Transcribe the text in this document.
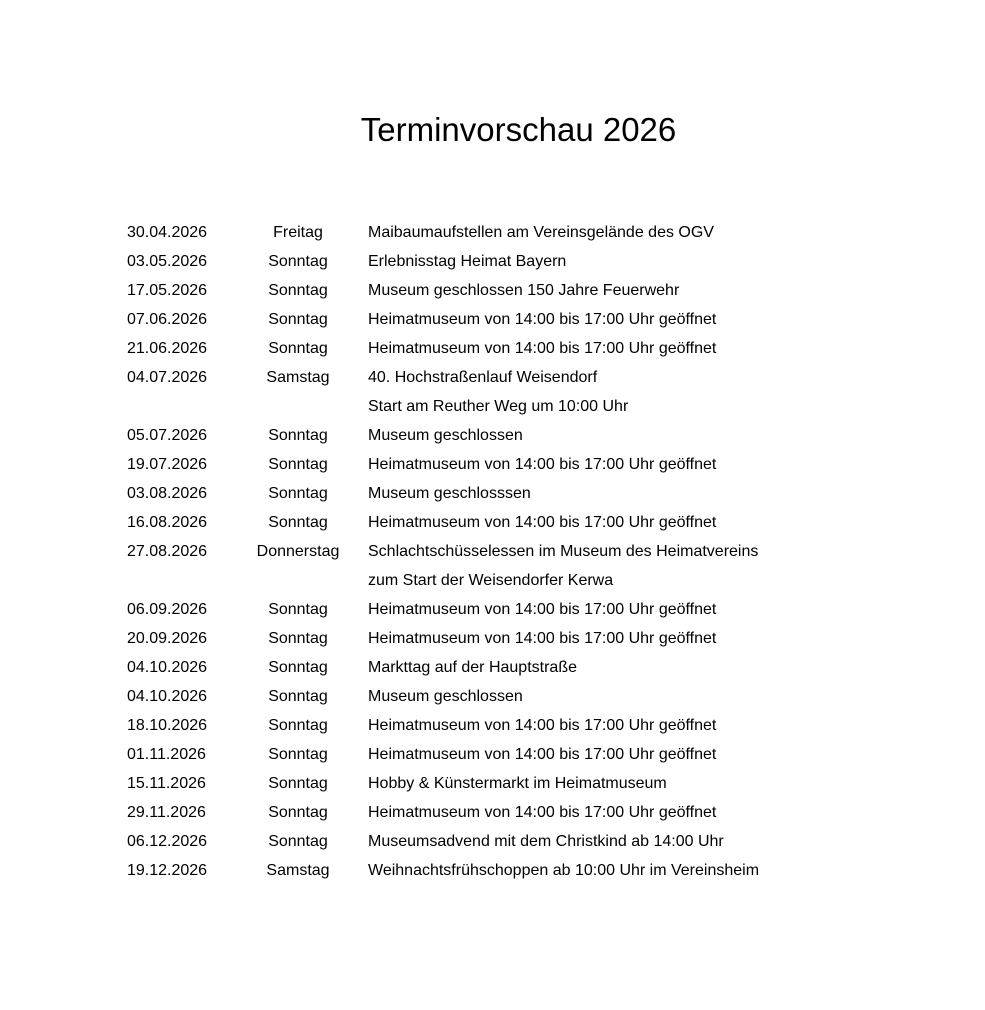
Terminvorschau 2026
30.04.2026	Freitag	Maibaumaufstellen am Vereinsgelände des OGV
03.05.2026	Sonntag	Erlebnisstag Heimat Bayern
17.05.2026	Sonntag	Museum geschlossen 150 Jahre Feuerwehr
07.06.2026	Sonntag	Heimatmuseum von 14:00 bis 17:00 Uhr geöffnet
21.06.2026	Sonntag	Heimatmuseum von 14:00 bis 17:00 Uhr geöffnet
04.07.2026	Samstag	40. Hochstraßenlauf Weisendorf
Start am Reuther Weg um 10:00 Uhr
05.07.2026	Sonntag	Museum geschlossen
19.07.2026	Sonntag	Heimatmuseum von 14:00 bis 17:00 Uhr geöffnet
03.08.2026	Sonntag	Museum geschlosssen
16.08.2026	Sonntag	Heimatmuseum von 14:00 bis 17:00 Uhr geöffnet
27.08.2026	Donnerstag	Schlachtschüsselessen im Museum des Heimatvereins
zum Start der Weisendorfer Kerwa
06.09.2026	Sonntag	Heimatmuseum von 14:00 bis 17:00 Uhr geöffnet
20.09.2026	Sonntag	Heimatmuseum von 14:00 bis 17:00 Uhr geöffnet
04.10.2026	Sonntag	Markttag auf der Hauptstraße
04.10.2026	Sonntag	Museum geschlossen
18.10.2026	Sonntag	Heimatmuseum von 14:00 bis 17:00 Uhr geöffnet
01.11.2026	Sonntag	Heimatmuseum von 14:00 bis 17:00 Uhr geöffnet
15.11.2026	Sonntag	Hobby & Künstermarkt im Heimatmuseum
29.11.2026	Sonntag	Heimatmuseum von 14:00 bis 17:00 Uhr geöffnet
06.12.2026	Sonntag	Museumsadvend mit dem Christkind ab 14:00 Uhr
19.12.2026	Samstag	Weihnachtsfrühschoppen ab 10:00 Uhr im Vereinsheim
